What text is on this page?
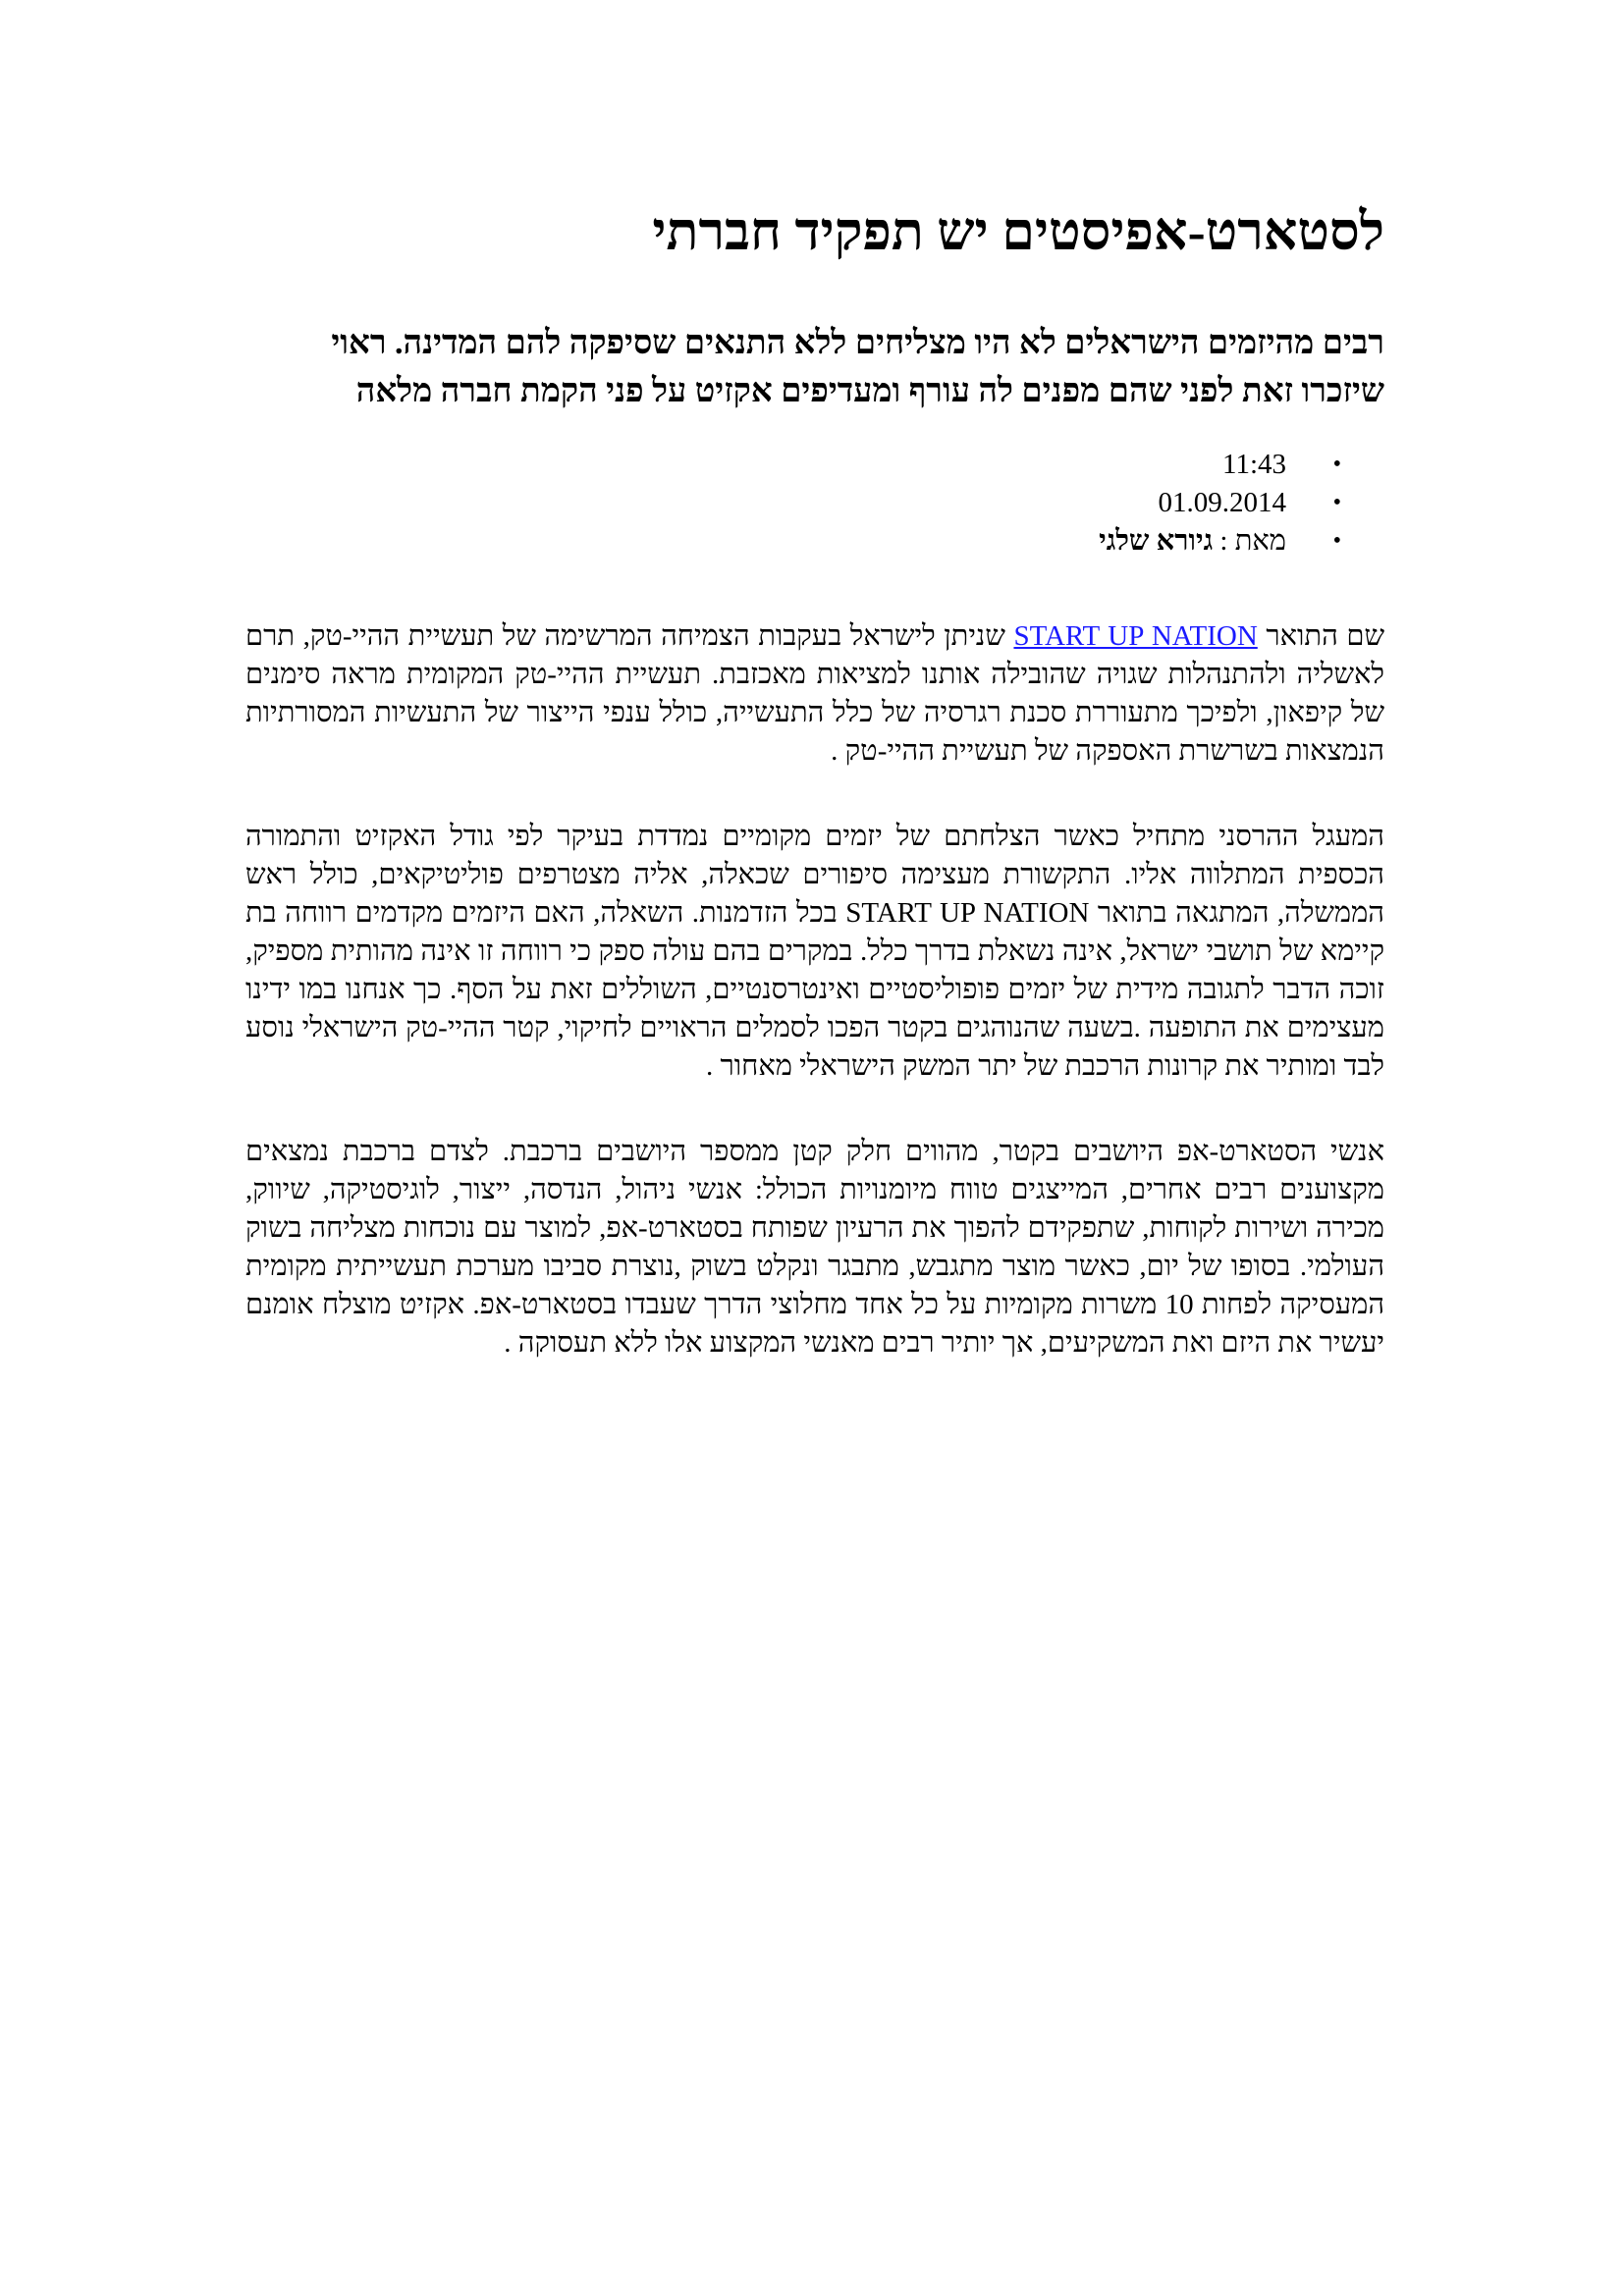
לסטארט-אפיסטים יש תפקיד חברתי
רבים מהיזמים הישראלים לא היו מצליחים ללא התנאים שסיפקה להם המדינה. ראוי שיזכרו זאת לפני שהם מפנים לה עורף ומעדיפים אקזיט על פני הקמת חברה מלאה
• 11:43
• 01.09.2014
• מאת : גיורא שלגי

שם התואר START UP NATION שניתן לישראל בעקבות הצמיחה המרשימה של תעשיית ההיי-טק, תרם לאשליה ולהתנהלות שגויה שהובילה אותנו למציאות מאכזבת. תעשיית ההיי-טק המקומית מראה סימנים של קיפאון, ולפיכך מתעוררת סכנת רגרסיה של כלל התעשייה, כולל ענפי הייצור של התעשיות המסורתיות הנמצאות בשרשרת האספקה של תעשיית ההיי-טק .

המעגל ההרסני מתחיל כאשר הצלחתם של יזמים מקומיים נמדדת בעיקר לפי גודל האקזיט והתמורה הכספית המתלווה אליו. התקשורת מעצימה סיפורים שכאלה, אליה מצטרפים פוליטיקאים, כולל ראש הממשלה, המתגאה בתואר START UP NATION בכל הזדמנות. השאלה, האם היזמים מקדמים רווחה בת קיימא של תושבי ישראל, אינה נשאלת בדרך כלל. במקרים בהם עולה ספק כי רווחה זו אינה מהותית מספיק, זוכה הדבר לתגובה מידית של יזמים פופוליסטיים ואינטרסנטיים, השוללים זאת על הסף. כך אנחנו במו ידינו מעצימים את התופעה .בשעה שהנוהגים בקטר הפכו לסמלים הראויים לחיקוי, קטר ההיי-טק הישראלי נוסע לבד ומותיר את קרונות הרכבת של יתר המשק הישראלי מאחור .

אנשי הסטארט-אפ היושבים בקטר, מהווים חלק קטן ממספר היושבים ברכבת. לצדם ברכבת נמצאים מקצוענים רבים אחרים, המייצגים טווח מיומנויות הכולל: אנשי ניהול, הנדסה, ייצור, לוגיסטיקה, שיווק, מכירה ושירות לקוחות, שתפקידם להפוך את הרעיון שפותח בסטארט-אפ, למוצר עם נוכחות מצליחה בשוק העולמי. בסופו של יום, כאשר מוצר מתגבש, מתבגר ונקלט בשוק ,נוצרת סביבו מערכת תעשייתית מקומית המעסיקה לפחות 10 משרות מקומיות על כל אחד מחלוצי הדרך שעבדו בסטארט-אפ. אקזיט מוצלח אומנם יעשיר את היזם ואת המשקיעים, אך יותיר רבים מאנשי המקצוע אלו ללא תעסוקה .
